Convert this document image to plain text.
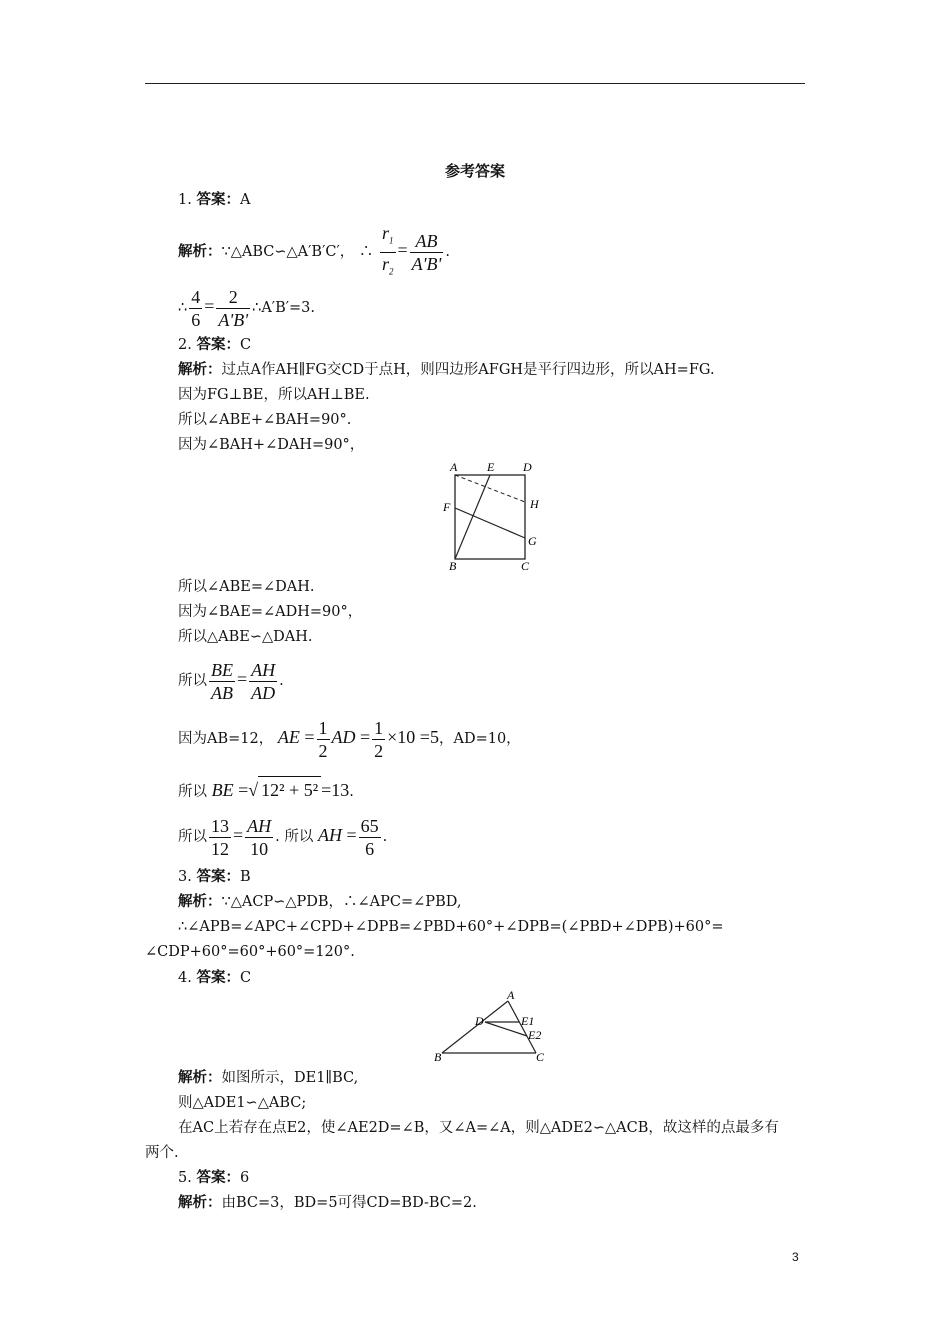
参考答案
1. 答案：A
解析：∵△ABC∽△A′B′C′， ∴ $\frac{r_1}{r_2} = \frac{AB}{A'B'}$ .
∴ $\frac{4}{6} = \frac{2}{A'B'}$ ∴A′B′=3.
2. 答案：C
解析：过点A作AH∥FG交CD于点H，则四边形AFGH是平行四边形，所以AH=FG.
因为FG⊥BE，所以AH⊥BE.
所以∠ABE+∠BAH=90°.
因为∠BAH+∠DAH=90°，
A E D
F	H
G
B	C
所以∠ABE=∠DAH.
因为∠BAE=∠ADH=90°，
所以△ABE∽△DAH.
所以 $\frac{BE}{AB} = \frac{AH}{AD}$ .
因为AB=12， AE = $\frac{1}{2}$ AD = $\frac{1}{2} \times 10 =5$，AD=10，
所以 BE =√ 12² + 5² =13.
所以 $\frac{13}{12} = \frac{AH}{10}$ . 所以 AH = $\frac{65}{6}$ .
3. 答案：B
解析：∵△ACP∽△PDB，∴∠APC=∠PBD,
∴∠APB=∠APC+∠CPD+∠DPB=∠PBD+60°+∠DPB=(∠PBD+∠DPB)+60°=
∠CDP+60°=60°+60°=120°.
4. 答案：C
A
D	E1
E2
B	C
解析：如图所示，DE1∥BC,
则△ADE1∽△ABC;
在AC上若存在点E2，使∠AE2D=∠B，又∠A=∠A，则△ADE2∽△ACB，故这样的点最多有
两个.
5. 答案：6
解析：由BC=3，BD=5可得CD=BD-BC=2.
3
